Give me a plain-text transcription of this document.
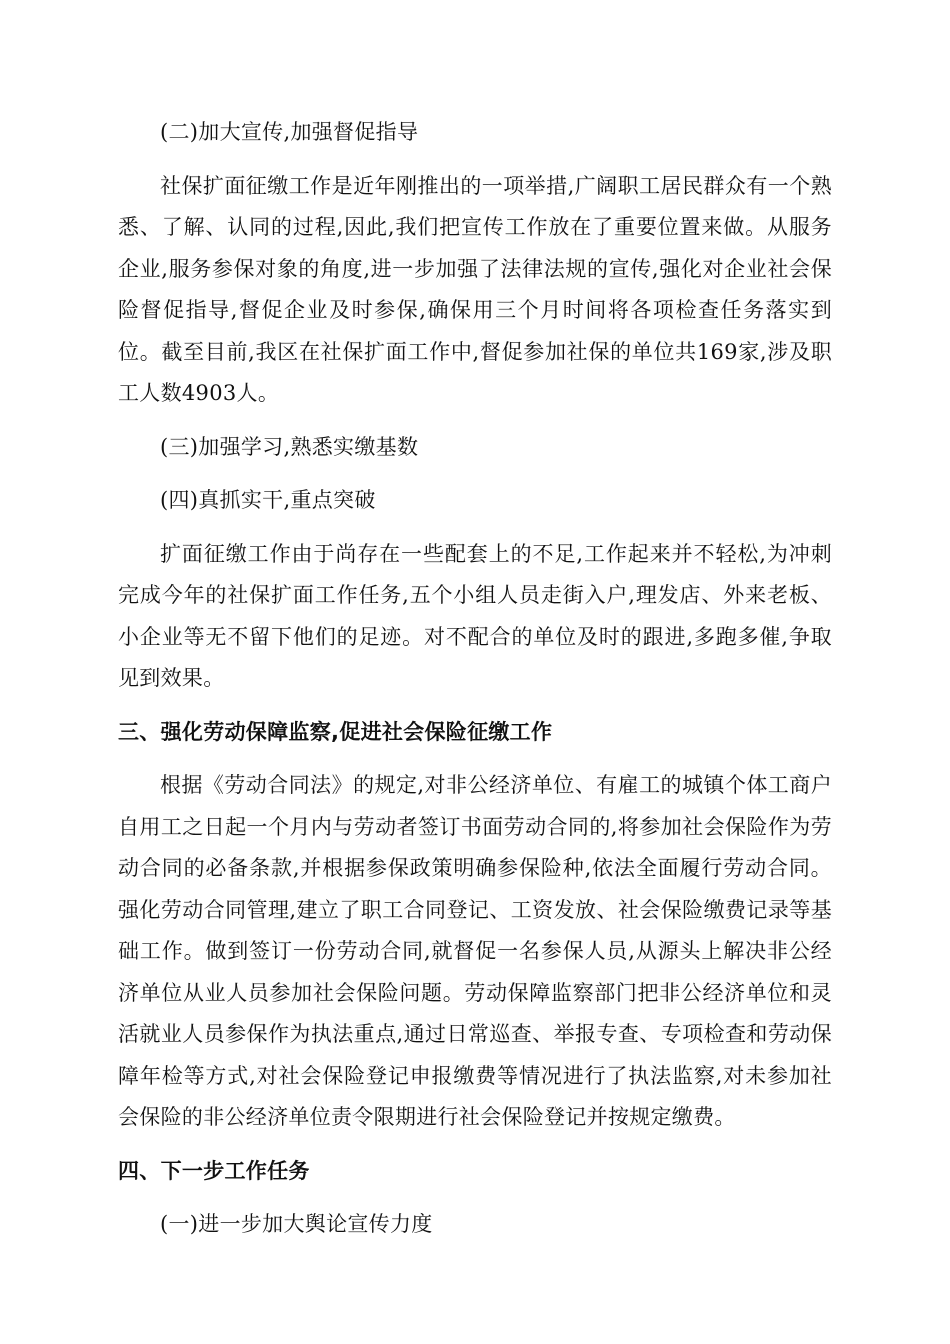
(二)加大宣传,加强督促指导

社保扩面征缴工作是近年刚推出的一项举措,广阔职工居民群众有一个熟悉、了解、认同的过程,因此,我们把宣传工作放在了重要位置来做。从服务企业,服务参保对象的角度,进一步加强了法律法规的宣传,强化对企业社会保险督促指导,督促企业及时参保,确保用三个月时间将各项检查任务落实到位。截至目前,我区在社保扩面工作中,督促参加社保的单位共169家,涉及职工人数4903人。

(三)加强学习,熟悉实缴基数

(四)真抓实干,重点突破

扩面征缴工作由于尚存在一些配套上的不足,工作起来并不轻松,为冲刺完成今年的社保扩面工作任务,五个小组人员走街入户,理发店、外来老板、小企业等无不留下他们的足迹。对不配合的单位及时的跟进,多跑多催,争取见到效果。

三、强化劳动保障监察,促进社会保险征缴工作

根据《劳动合同法》的规定,对非公经济单位、有雇工的城镇个体工商户自用工之日起一个月内与劳动者签订书面劳动合同的,将参加社会保险作为劳动合同的必备条款,并根据参保政策明确参保险种,依法全面履行劳动合同。强化劳动合同管理,建立了职工合同登记、工资发放、社会保险缴费记录等基础工作。做到签订一份劳动合同,就督促一名参保人员,从源头上解决非公经济单位从业人员参加社会保险问题。劳动保障监察部门把非公经济单位和灵活就业人员参保作为执法重点,通过日常巡查、举报专查、专项检查和劳动保障年检等方式,对社会保险登记申报缴费等情况进行了执法监察,对未参加社会保险的非公经济单位责令限期进行社会保险登记并按规定缴费。

四、下一步工作任务

(一)进一步加大舆论宣传力度
